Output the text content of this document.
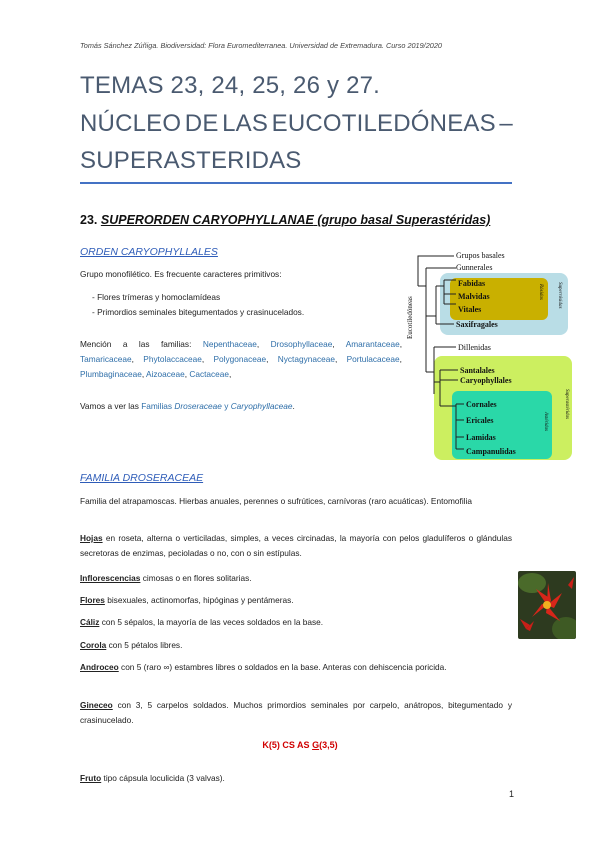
Tomás Sánchez Zúñiga. Biodiversidad: Flora Euromediterranea. Universidad de Extremadura. Curso 2019/2020
TEMAS 23, 24, 25, 26 y 27.
NÚCLEO DE LAS EUCOTILEDÓNEAS –
SUPERASTERIDAS
23. SUPERORDEN CARYOPHYLLANAE (grupo basal Superastéridas)
ORDEN CARYOPHYLLALES
Grupo monofilético. Es frecuente caracteres primitivos:
- Flores trímeras y homoclamídeas
- Primordios seminales bitegumentados y crasinucelados.
Mención a las familias: Nepenthaceae, Drosophyllaceae, Amarantaceae, Tamaricaceae, Phytolaccaceae, Polygonaceae, Nyctagynaceae, Portulacaceae, Plumbaginaceae, Aizoaceae, Cactaceae,
Vamos a ver las Familias Droseraceae y Caryophyllaceae.
Grupos basales
Gunnerales
Fabidas
Malvidas
Vitales
Saxifragales
Dillenidas
Santalales
Caryophyllales
Cornales
Ericales
Lamidas
Campanulidas
Eucotiledóneas
Rósidas	Superrósidas
Superastéridas
Astéridas
FAMILIA DROSERACEAE
Familia del atrapamoscas. Hierbas anuales, perennes o sufrútices, carnívoras (raro acuáticas). Entomofilia
Hojas en roseta, alterna o verticiladas, simples, a veces circinadas, la mayoría con pelos gladulíferos o glándulas secretoras de enzimas, pecioladas o no, con o sin estípulas.
Inflorescencias cimosas o en flores solitarias.
Flores bisexuales, actinomorfas, hipóginas y pentámeras.
Cáliz con 5 sépalos, la mayoría de las veces soldados en la base.
Corola con 5 pétalos libres.
Androceo con 5 (raro ∞) estambres libres o soldados en la base. Anteras con dehiscencia poricida.
Gineceo con 3, 5 carpelos soldados. Muchos primordios seminales por carpelo, anátropos, bitegumentado y crasinucelado.
K(5) CS AS G(3,5)
Fruto tipo cápsula loculicida (3 valvas).
1
